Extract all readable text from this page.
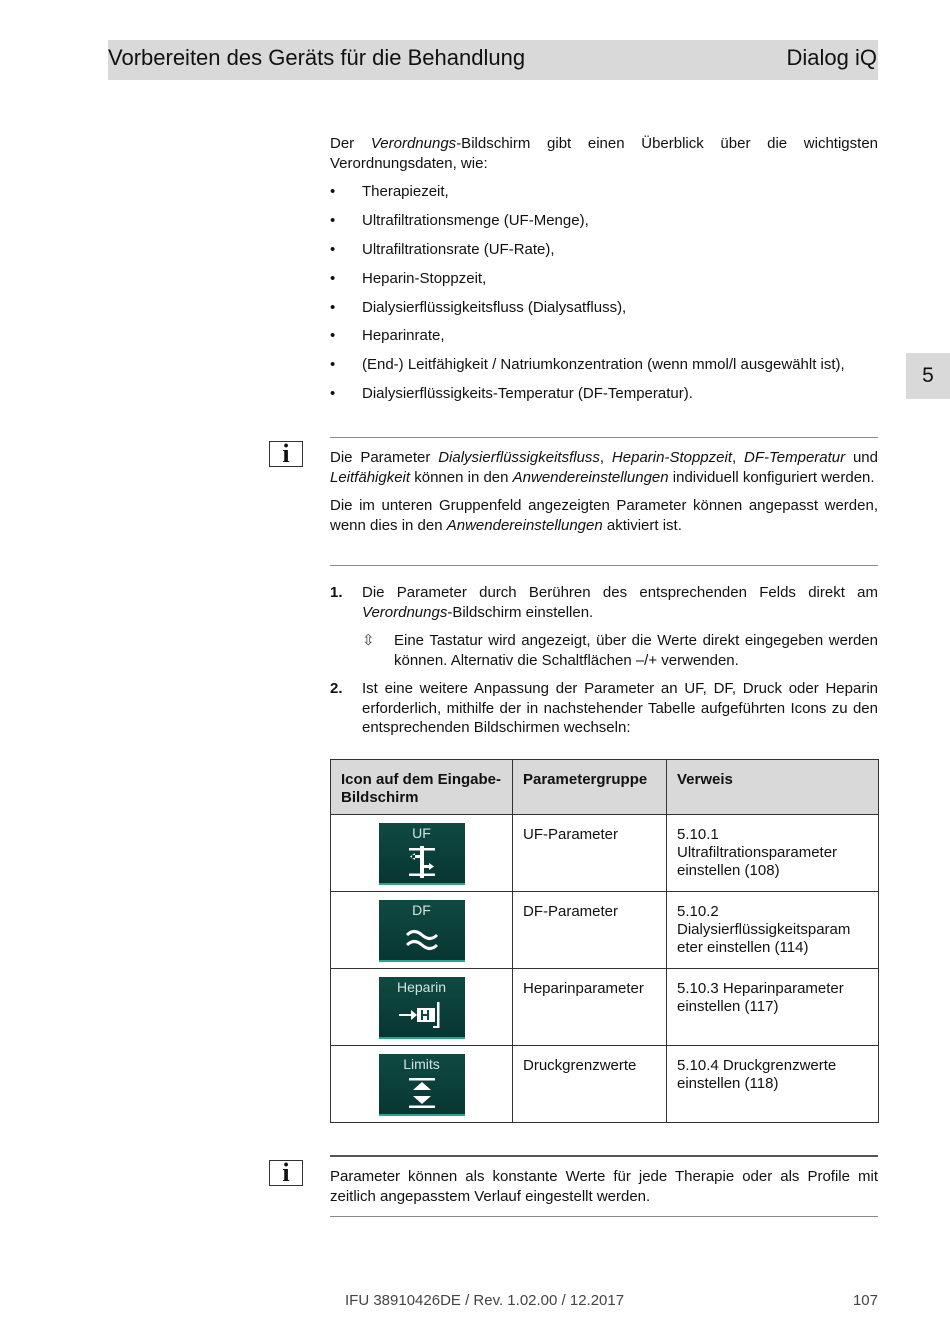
Vorbereiten des Geräts für die Behandlung	Dialog iQ
5
Der Verordnungs-Bildschirm gibt einen Überblick über die wichtigsten Verordnungsdaten, wie:
• Therapiezeit,
• Ultrafiltrationsmenge (UF-Menge),
• Ultrafiltrationsrate (UF-Rate),
• Heparin-Stoppzeit,
• Dialysierflüssigkeitsfluss (Dialysatfluss),
• Heparinrate,
• (End-) Leitfähigkeit / Natriumkonzentration (wenn mmol/l ausgewählt ist),
• Dialysierflüssigkeits-Temperatur (DF-Temperatur).
i	Die Parameter Dialysierflüssigkeitsfluss, Heparin-Stoppzeit, DF-Temperatur und Leitfähigkeit können in den Anwendereinstellungen individuell konfiguriert werden.

Die im unteren Gruppenfeld angezeigten Parameter können angepasst werden, wenn dies in den Anwendereinstellungen aktiviert ist.

1. Die Parameter durch Berühren des entsprechenden Felds direkt am Verordnungs-Bildschirm einstellen.
⇳ Eine Tastatur wird angezeigt, über die Werte direkt eingegeben werden können. Alternativ die Schaltflächen –/+ verwenden.
2. Ist eine weitere Anpassung der Parameter an UF, DF, Druck oder Heparin erforderlich, mithilfe der in nachstehender Tabelle aufgeführten Icons zu den entsprechenden Bildschirmen wechseln:
Icon auf dem Eingabe-Bildschirm	Parametergruppe	Verweis

UF	UF-Parameter	5.10.1 Ultrafiltrationsparameter einstellen (108)

DF	DF-Parameter	5.10.2 Dialysierflüssigkeitsparam eter einstellen (114)

Heparin	Heparinparameter	5.10.3 Heparinparameter einstellen (117)

Limits	Druckgrenzwerte	5.10.4 Druckgrenzwerte einstellen (118)
i	Parameter können als konstante Werte für jede Therapie oder als Profile mit zeitlich angepasstem Verlauf eingestellt werden.

IFU 38910426DE / Rev. 1.02.00 / 12.2017	107
